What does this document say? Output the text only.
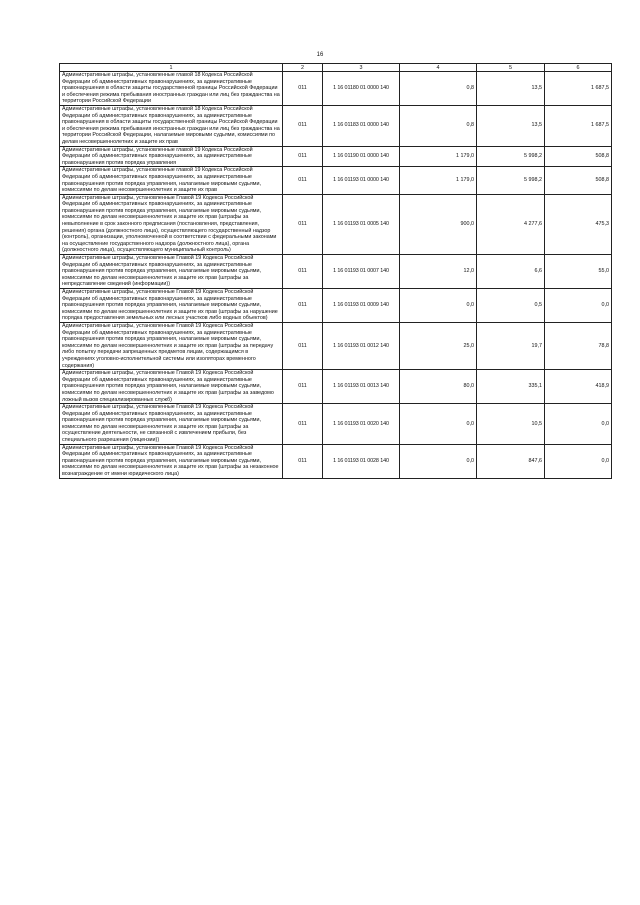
16
1	2	3	4	5	6
Административные штрафы, установленные главой 18 Кодекса Российской Федерации об административных правонарушениях, за административные правонарушения в области защиты государственной границы Российской Федерации и обеспечения режима пребывания иностранных граждан или лиц без гражданства на территории Российской Федерации	011	1 16 01180 01 0000 140	0,8	13,5	1 687,5
Административные штрафы, установленные главой 18 Кодекса Российской Федерации об административных правонарушениях, за административные правонарушения в области защиты государственной границы Российской Федерации и обеспечения режима пребывания иностранных граждан или лиц без гражданства на территории Российской Федерации, налагаемые мировыми судьями, комиссиями по делам несовершеннолетних и защите их прав	011	1 16 01183 01 0000 140	0,8	13,5	1 687,5
Административные штрафы, установленные главой 19 Кодекса Российской Федерации об административных правонарушениях, за административные правонарушения против порядка управления	011	1 16 01190 01 0000 140	1 179,0	5 998,2	508,8
Административные штрафы, установленные главой 19 Кодекса Российской Федерации об административных правонарушениях, за административные правонарушения против порядка управления, налагаемые мировыми судьями, комиссиями по делам несовершеннолетних и защите их прав	011	1 16 01193 01 0000 140	1 179,0	5 998,2	508,8
Административные штрафы, установленные Главой 19 Кодекса Российской Федерации об административных правонарушениях, за административные правонарушения против порядка управления, налагаемые мировыми судьями, комиссиями по делам несовершеннолетних и защите их прав (штрафы за невыполнение в срок законного предписания (постановления, представления, решения) органа (должностного лица), осуществляющего государственный надзор (контроль), организации, уполномоченной в соответствии с федеральными законами на осуществление государственного надзора (должностного лица), органа (должностного лица), осуществляющего муниципальный контроль)	011	1 16 01193 01 0005 140	900,0	4 277,6	475,3
Административные штрафы, установленные Главой 19 Кодекса Российской Федерации об административных правонарушениях, за административные правонарушения против порядка управления, налагаемые мировыми судьями, комиссиями по делам несовершеннолетних и защите их прав (штрафы за непредставление сведений (информации))	011	1 16 01193 01 0007 140	12,0	6,6	55,0
Административные штрафы, установленные Главой 19 Кодекса Российской Федерации об административных правонарушениях, за административные правонарушения против порядка управления, налагаемые мировыми судьями, комиссиями по делам несовершеннолетних и защите их прав (штрафы за нарушение порядка предоставления земельных или лесных участков либо водных объектов)	011	1 16 01193 01 0009 140	0,0	0,5	0,0
Административные штрафы, установленные Главой 19 Кодекса Российской Федерации об административных правонарушениях, за административные правонарушения против порядка управления, налагаемые мировыми судьями, комиссиями по делам несовершеннолетних и защите их прав (штрафы за передачу либо попытку передачи запрещенных предметов лицам, содержащимся в учреждениях уголовно-исполнительной системы или изоляторах временного содержания)	011	1 16 01193 01 0012 140	25,0	19,7	78,8
Административные штрафы, установленные Главой 19 Кодекса Российской Федерации об административных правонарушениях, за административные правонарушения против порядка управления, налагаемые мировыми судьями, комиссиями по делам несовершеннолетних и защите их прав (штрафы за заведомо ложный вызов специализированных служб)	011	1 16 01193 01 0013 140	80,0	335,1	418,9
Административные штрафы, установленные Главой 19 Кодекса Российской Федерации об административных правонарушениях, за административные правонарушения против порядка управления, налагаемые мировыми судьями, комиссиями по делам несовершеннолетних и защите их прав (штрафы за осуществление деятельности, не связанной с извлечением прибыли, без специального разрешения (лицензии))	011	1 16 01193 01 0020 140	0,0	10,5	0,0
Административные штрафы, установленные Главой 19 Кодекса Российской Федерации об административных правонарушениях, за административные правонарушения против порядка управления, налагаемые мировыми судьями, комиссиями по делам несовершеннолетних и защите их прав (штрафы за незаконное вознаграждение от имени юридического лица)	011	1 16 01193 01 0028 140	0,0	847,6	0,0
